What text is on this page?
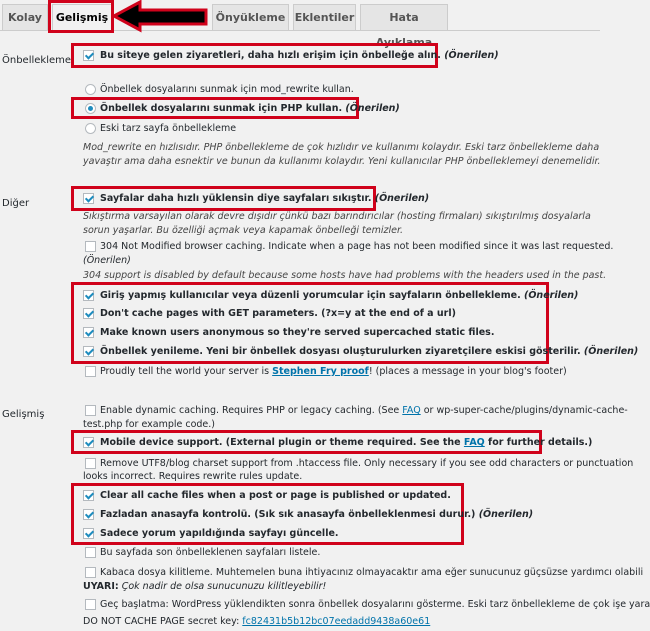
Kolay	Gelişmiş	Önyükleme Eklentiler	Hata Ayıklama
Önbellekleme	Bu siteye gelen ziyaretleri, daha hızlı erişim için önbelleğe alın. (Önerilen)
Önbellek dosyalarını sunmak için mod_rewrite kullan.
Önbellek dosyalarını sunmak için PHP kullan. (Önerilen)
Eski tarz sayfa önbellekleme
Mod_rewrite en hızlısıdır. PHP önbellekleme de çok hızlıdır ve kullanımı kolaydır. Eski tarz önbellekleme daha
yavaştır ama daha esnektir ve bunun da kullanımı kolaydır. Yeni kullanıcılar PHP önbelleklemeyi denemelidir.
Diğer	Sayfalar daha hızlı yüklensin diye sayfaları sıkıştır. (Önerilen)
Sıkıştırma varsayılan olarak devre dışıdır çünkü bazı barındırıcılar (hosting firmaları) sıkıştırılmış dosyalarla
sorun yaşarlar. Bu özelliği açmak veya kapamak önbelleği temizler.
304 Not Modified browser caching. Indicate when a page has not been modified since it was last requested.
(Önerilen)
304 support is disabled by default because some hosts have had problems with the headers used in the past.
Giriş yapmış kullanıcılar veya düzenli yorumcular için sayfaların önbellekleme. (Önerilen)
Don't cache pages with GET parameters. (?x=y at the end of a url)
Make known users anonymous so they're served supercached static files.
Önbellek yenileme. Yeni bir önbellek dosyası oluşturulurken ziyaretçilere eskisi gösterilir. (Önerilen)
Proudly tell the world your server is Stephen Fry proof! (places a message in your blog's footer)
Gelişmiş	Enable dynamic caching. Requires PHP or legacy caching. (See FAQ or wp-super-cache/plugins/dynamic-cache-
test.php for example code.)
Mobile device support. (External plugin or theme required. See the FAQ for further details.)
Remove UTF8/blog charset support from .htaccess file. Only necessary if you see odd characters or punctuation
looks incorrect. Requires rewrite rules update.
Clear all cache files when a post or page is published or updated.
Fazladan anasayfa kontrolü. (Sık sık anasayfa önbelleklenmesi durur.) (Önerilen)
Sadece yorum yapıldığında sayfayı güncelle.
Bu sayfada son önbelleklenen sayfaları listele.
Kabaca dosya kilitleme. Muhtemelen buna ihtiyacınız olmayacaktır ama eğer sunucunuz güçsüzse yardımcı olabili
UYARI: Çok nadir de olsa sunucunuzu kilitleyebilir!
Geç başlatma: WordPress yüklendikten sonra önbellek dosyalarını gösterme. Eski tarz önbellekleme de çok işe yara
DO NOT CACHE PAGE secret key: fc82431b5b12bc07eedadd9438a60e61
